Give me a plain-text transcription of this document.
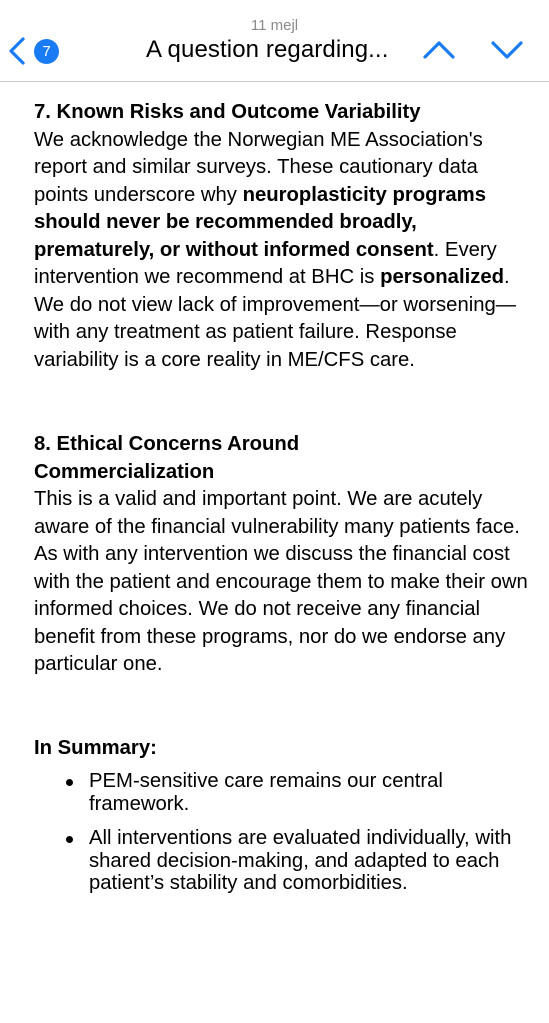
11 mejl
7	A question regarding...
7. Known Risks and Outcome Variability

We acknowledge the Norwegian ME Association's report and similar surveys. These cautionary data points underscore why neuroplasticity programs should never be recommended broadly, prematurely, or without informed consent. Every intervention we recommend at BHC is personalized. We do not view lack of improvement—or worsening—with any treatment as patient failure. Response variability is a core reality in ME/CFS care.

8. Ethical Concerns Around
Commercialization

This is a valid and important point. We are acutely aware of the financial vulnerability many patients face. As with any intervention we discuss the financial cost with the patient and encourage them to make their own informed choices. We do not receive any financial benefit from these programs, nor do we endorse any particular one.

In Summary:
PEM-sensitive care remains our central framework.
All interventions are evaluated individually, with shared decision-making, and adapted to each patient’s stability and comorbidities.
